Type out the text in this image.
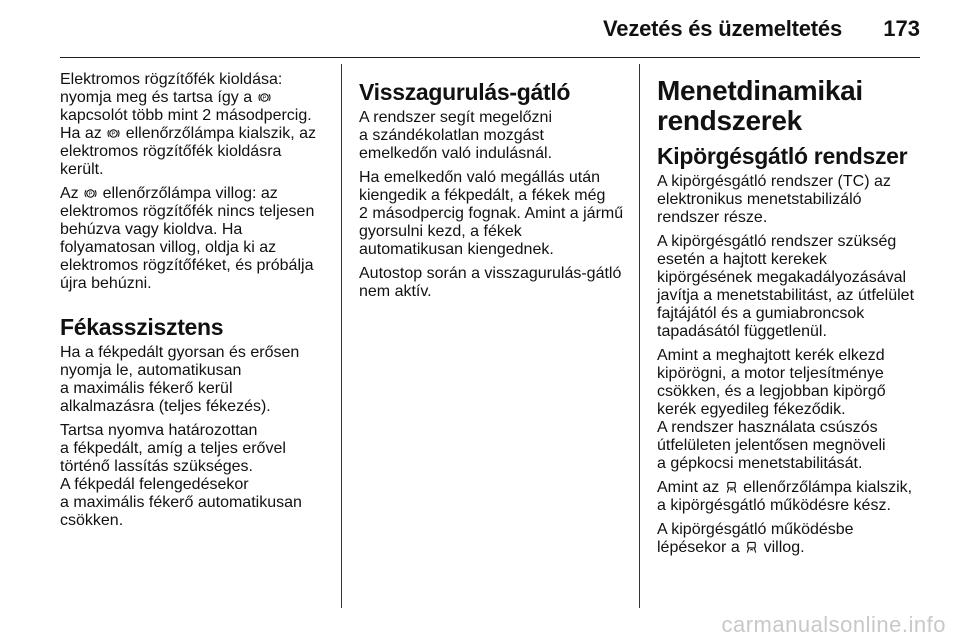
Vezetés és üzemeltetés 173

Elektromos rögzítőfék kioldása:
nyomja meg és tartsa így a P

kapcsolót több mint 2 másodpercig.
Ha az P ellenőrzőlámpa kialszik, az
elektromos rögzítőfék kioldásra
került.

Az P ellenőrzőlámpa villog: az
elektromos rögzítőfék nincs teljesen
behúzva vagy kioldva. Ha
folyamatosan villog, oldja ki az
elektromos rögzítőféket, és próbálja
újra behúzni.

Fékasszisztens

Ha a fékpedált gyorsan és erősen
nyomja le, automatikusan
a maximális fékerő kerül
alkalmazásra (teljes fékezés).

Tartsa nyomva határozottan
a fékpedált, amíg a teljes erővel
történő lassítás szükséges.
A fékpedál felengedésekor
a maximális fékerő automatikusan
csökken.

Visszagurulás-gátló

A rendszer segít megelőzni
a szándékolatlan mozgást
emelkedőn való indulásnál.

Ha emelkedőn való megállás után
kiengedik a fékpedált, a fékek még
2 másodpercig fognak. Amint a jármű
gyorsulni kezd, a fékek
automatikusan kiengednek.

Autostop során a visszagurulás-gátló
nem aktív.

Menetdinamikai
rendszerek
Kipörgésgátló rendszer

A kipörgésgátló rendszer (TC) az
elektronikus menetstabilizáló
rendszer része.

A kipörgésgátló rendszer szükség
esetén a hajtott kerekek
kipörgésének megakadályozásával
javítja a menetstabilitást, az útfelület
fajtájától és a gumiabroncsok
tapadásától függetlenül.

Amint a meghajtott kerék elkezd
kipörögni, a motor teljesítménye
csökken, és a legjobban kipörgő
kerék egyedileg fékeződik.
A rendszer használata csúszós
útfelületen jelentősen megnöveli
a gépkocsi menetstabilitását.

Amint az ellenőrzőlámpa kialszik,
a kipörgésgátló működésre kész.

A kipörgésgátló működésbe
lépésekor a villog.

carmanualsonline.info
